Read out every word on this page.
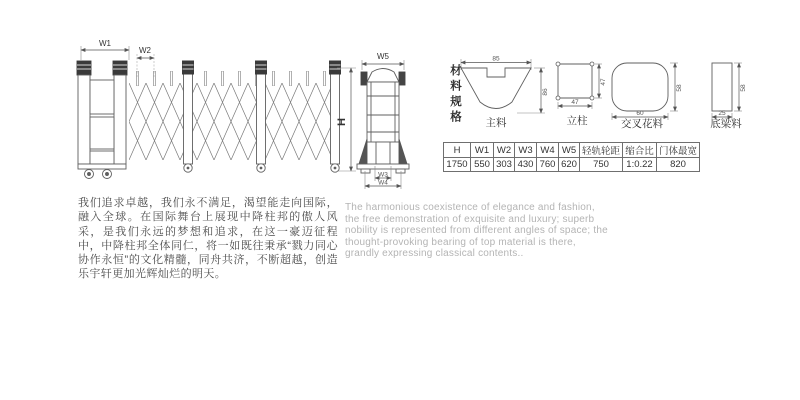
W1
W2
H
W5
W3
W4
材料规格
85
86
主料
47
47
立柱
60
58
交叉花料
25
58
底梁料
H	W1	W2	W3	W4	W5	轻轨轮距	缩合比	门体最宽
1750	550	303	430	760	620	750	1:0.22	820
我们追求卓越，我们永不满足，渴望能走向国际，融入全球。在国际舞台上展现中降柱邦的傲人风采，是我们永远的梦想和追求，在这一豪迈征程中，中降柱邦全体同仁，将一如既往秉承“戮力同心 协作永恒”的文化精髓，同舟共济，不断超越，创造乐宇轩更加光辉灿烂的明天。
The harmonious coexistence of elegance and fashion, the free demonstration of exquisite and luxury; superb nobility is represented from different angles of space; the thought-provoking bearing of top material is there, grandly expressing classical contents..
